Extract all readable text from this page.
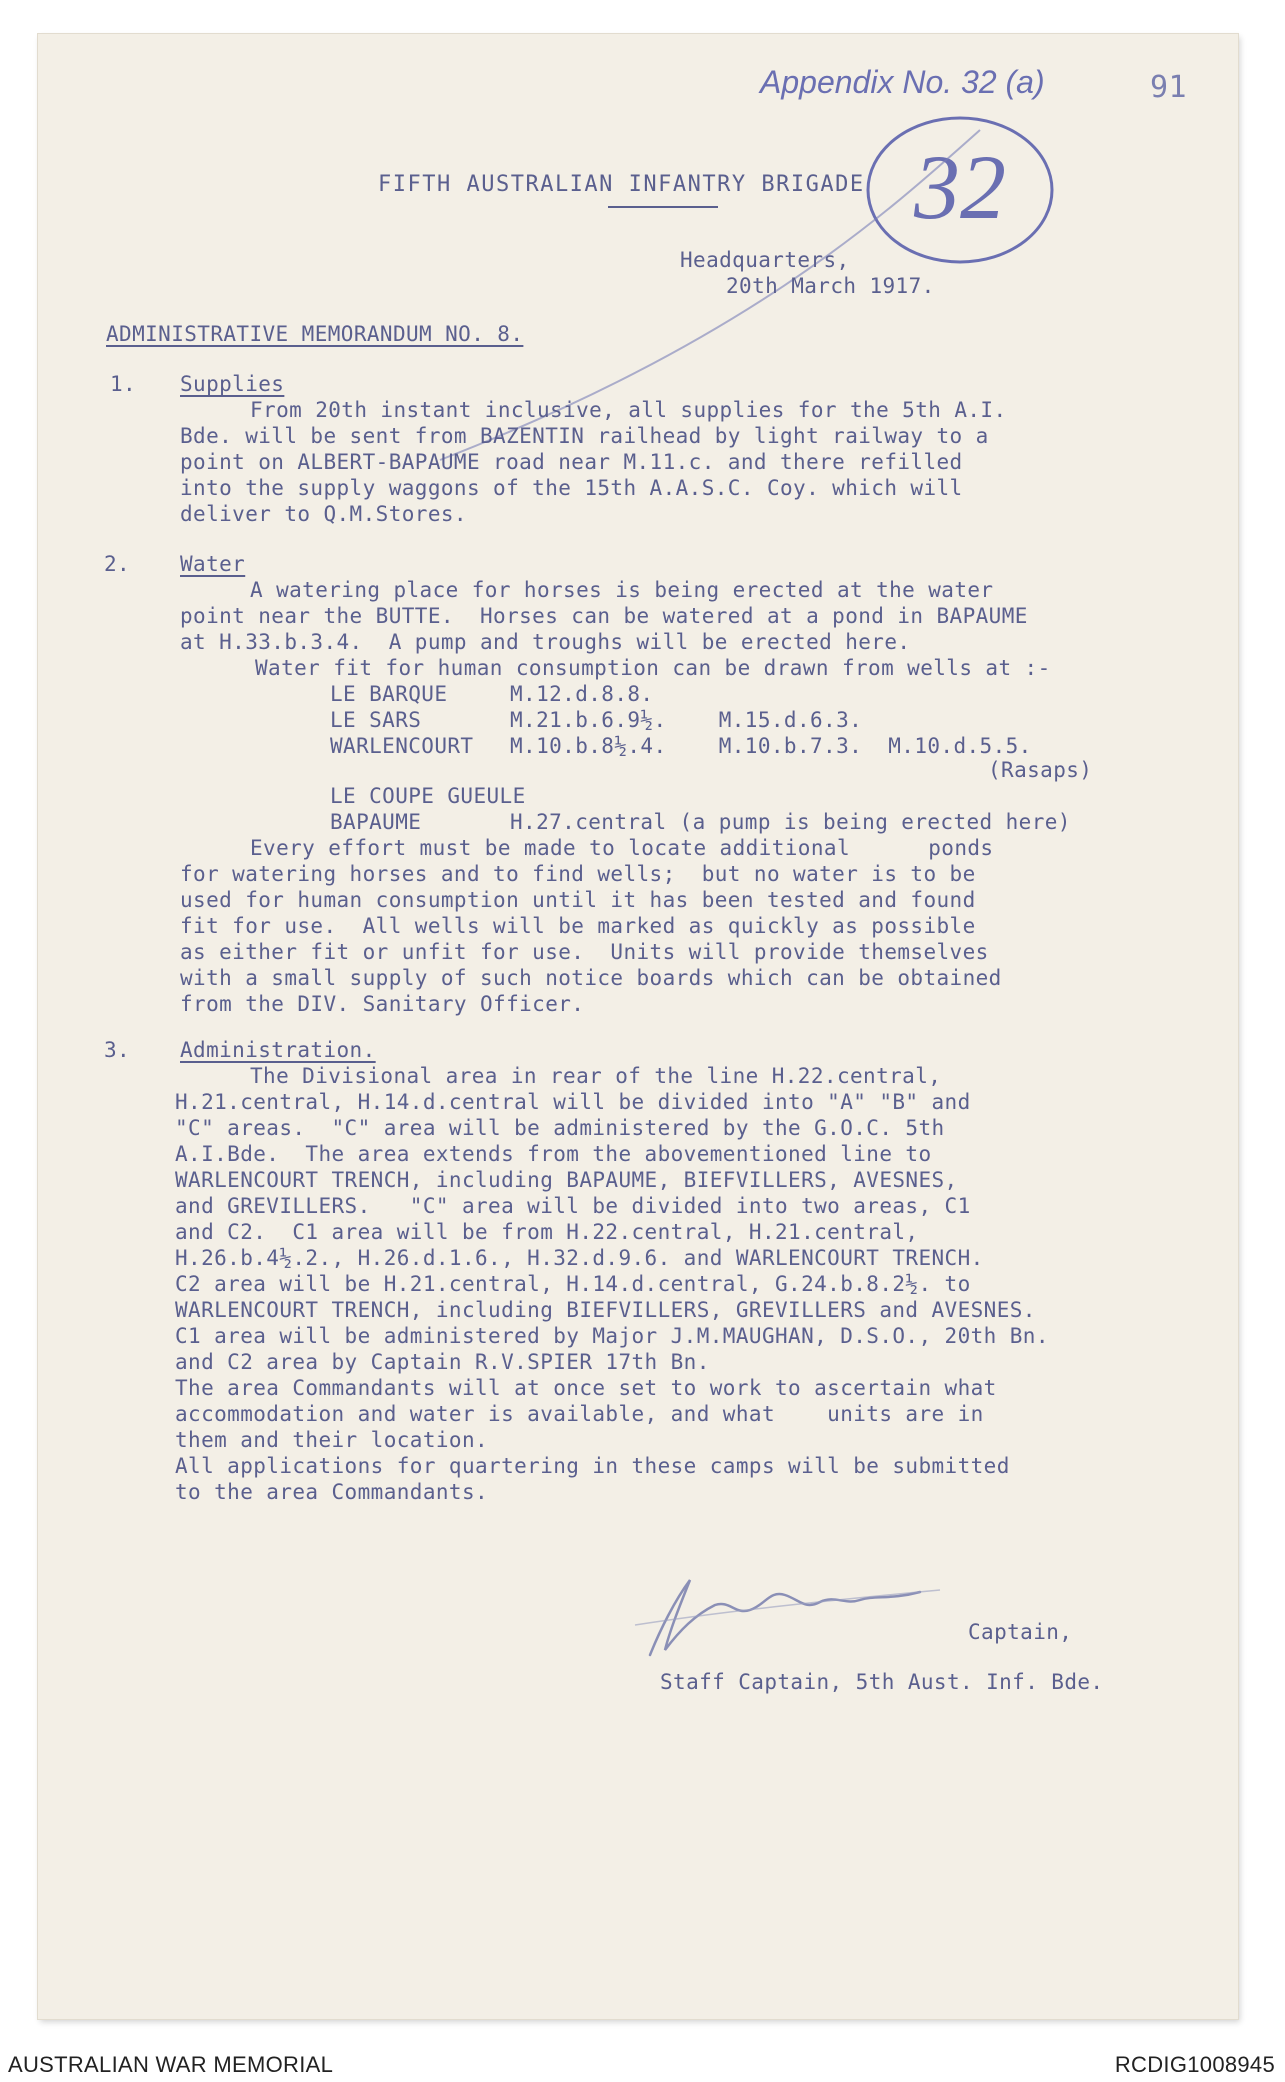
Appendix No. 32 (a)	91
32
FIFTH AUSTRALIAN INFANTRY BRIGADE
Headquarters,
20th March 1917.
ADMINISTRATIVE MEMORANDUM NO. 8.
1. Supplies
From 20th instant inclusive, all supplies for the 5th A.I.
Bde. will be sent from BAZENTIN railhead by light railway to a
point on ALBERT-BAPAUME road near M.11.c. and there refilled
into the supply waggons of the 15th A.A.S.C. Coy. which will
deliver to Q.M.Stores.
2. Water
A watering place for horses is being erected at the water
point near the BUTTE.  Horses can be watered at a pond in BAPAUME
at H.33.b.3.4.  A pump and troughs will be erected here.
Water fit for human consumption can be drawn from wells at :-
LE BARQUE	M.12.d.8.8.
LE SARS	M.21.b.6.9½.    M.15.d.6.3.
WARLENCOURT M.10.b.8½.4.    M.10.b.7.3.  M.10.d.5.5.
(Rasaps)
LE COUPE GUEULE
BAPAUME	H.27.central (a pump is being erected here)
Every effort must be made to locate additional      ponds
for watering horses and to find wells;  but no water is to be
used for human consumption until it has been tested and found
fit for use.  All wells will be marked as quickly as possible
as either fit or unfit for use.  Units will provide themselves
with a small supply of such notice boards which can be obtained
from the DIV. Sanitary Officer.
3. Administration.
The Divisional area in rear of the line H.22.central,
H.21.central, H.14.d.central will be divided into "A" "B" and
"C" areas.  "C" area will be administered by the G.O.C. 5th
A.I.Bde.  The area extends from the abovementioned line to
WARLENCOURT TRENCH, including BAPAUME, BIEFVILLERS, AVESNES,
and GREVILLERS.   "C" area will be divided into two areas, C1
and C2.  C1 area will be from H.22.central, H.21.central,
H.26.b.4½.2., H.26.d.1.6., H.32.d.9.6. and WARLENCOURT TRENCH.
C2 area will be H.21.central, H.14.d.central, G.24.b.8.2½. to
WARLENCOURT TRENCH, including BIEFVILLERS, GREVILLERS and AVESNES.
C1 area will be administered by Major J.M.MAUGHAN, D.S.O., 20th Bn.
and C2 area by Captain R.V.SPIER 17th Bn.
The area Commandants will at once set to work to ascertain what
accommodation and water is available, and what    units are in
them and their location.
All applications for quartering in these camps will be submitted
to the area Commandants.
Captain,
Staff Captain, 5th Aust. Inf. Bde.
AUSTRALIAN WAR MEMORIAL	RCDIG1008945
